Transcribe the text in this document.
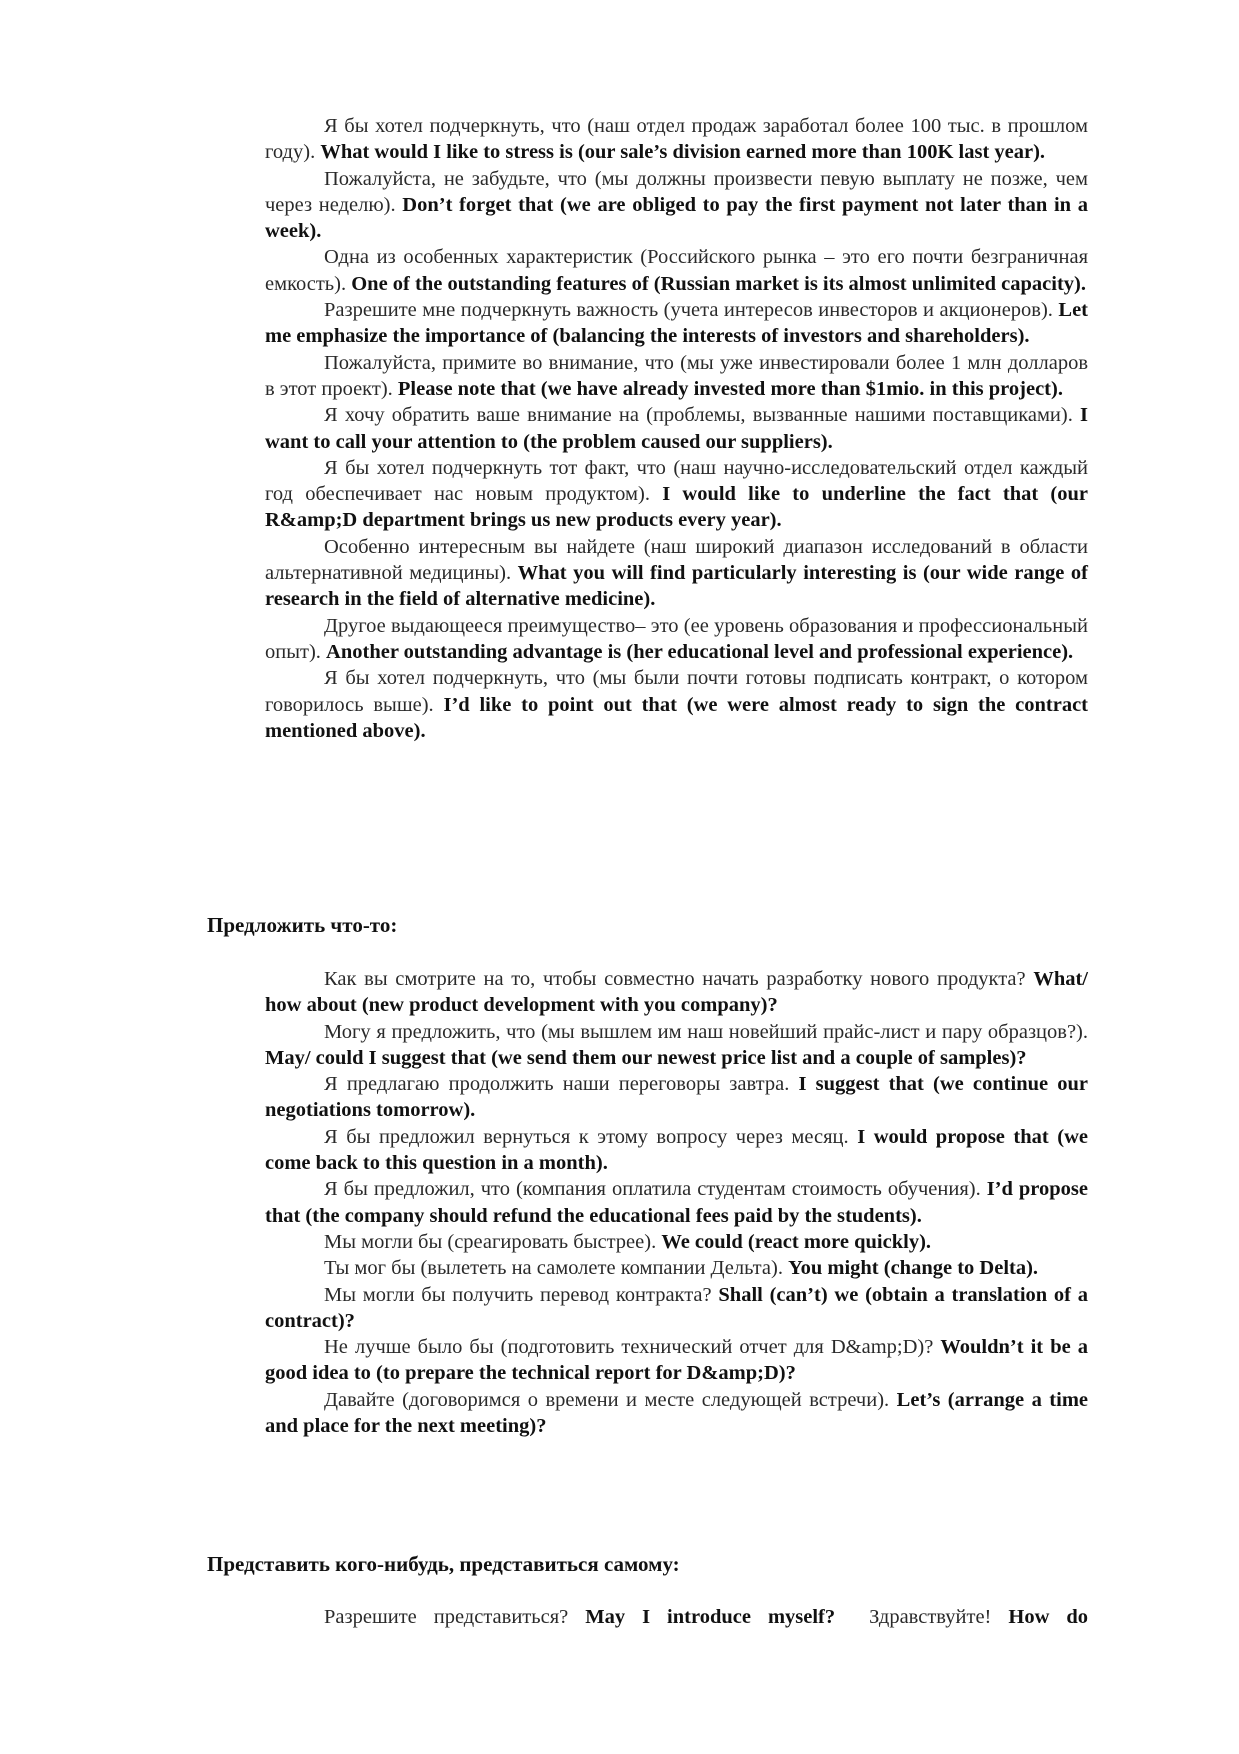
Я бы хотел подчеркнуть, что (наш отдел продаж заработал более 100 тыс. в прошлом году). What would I like to stress is (our sale’s division earned more than 100K last year).

Пожалуйста, не забудьте, что (мы должны произвести певую выплату не позже, чем через неделю). Don’t forget that (we are obliged to pay the first payment not later than in a week).

Одна из особенных характеристик (Российского рынка – это его почти безграничная емкость). One of the outstanding features of (Russian market is its almost unlimited capacity).

Разрешите мне подчеркнуть важность (учета интересов инвесторов и акционеров). Let me emphasize the importance of (balancing the interests of investors and shareholders).

Пожалуйста, примите во внимание, что (мы уже инвестировали более 1 млн долларов в этот проект). Please note that (we have already invested more than $1mio. in this project).

Я хочу обратить ваше внимание на (проблемы, вызванные нашими поставщиками). I want to call your attention to (the problem caused our suppliers).

Я бы хотел подчеркнуть тот факт, что (наш научно-исследовательский отдел каждый год обеспечивает нас новым продуктом). I would like to underline the fact that (our R&amp;D department brings us new products every year).

Особенно интересным вы найдете (наш широкий диапазон исследований в области альтернативной медицины). What you will find particularly interesting is (our wide range of research in the field of alternative medicine).

Другое выдающееся преимущество– это (ее уровень образования и профессиональный опыт). Another outstanding advantage is (her educational level and professional experience).

Я бы хотел подчеркнуть, что (мы были почти готовы подписать контракт, о котором говорилось выше). I’d like to point out that (we were almost ready to sign the contract mentioned above).

Предложить что-то:

Как вы смотрите на то, чтобы совместно начать разработку нового продукта? What/ how about (new product development with you company)?

Могу я предложить, что (мы вышлем им наш новейший прайс-лист и пару образцов?). May/ could I suggest that (we send them our newest price list and a couple of samples)?

Я предлагаю продолжить наши переговоры завтра. I suggest that (we continue our negotiations tomorrow).

Я бы предложил вернуться к этому вопросу через месяц. I would propose that (we come back to this question in a month).

Я бы предложил, что (компания оплатила студентам стоимость обучения). I’d propose that (the company should refund the educational fees paid by the students).

Мы могли бы (среагировать быстрее). We could (react more quickly).

Ты мог бы (вылететь на самолете компании Дельта). You might (change to Delta).

Мы могли бы получить перевод контракта? Shall (can’t) we (obtain a translation of a contract)?

Не лучше было бы (подготовить технический отчет для D&amp;D)? Wouldn’t it be a good idea to (to prepare the technical report for D&amp;D)?

Давайте (договоримся о времени и месте следующей встречи). Let’s (arrange a time and place for the next meeting)?

Представить кого-нибудь, представиться самому:

Разрешите представиться? May I introduce myself? Здравствуйте! How do
